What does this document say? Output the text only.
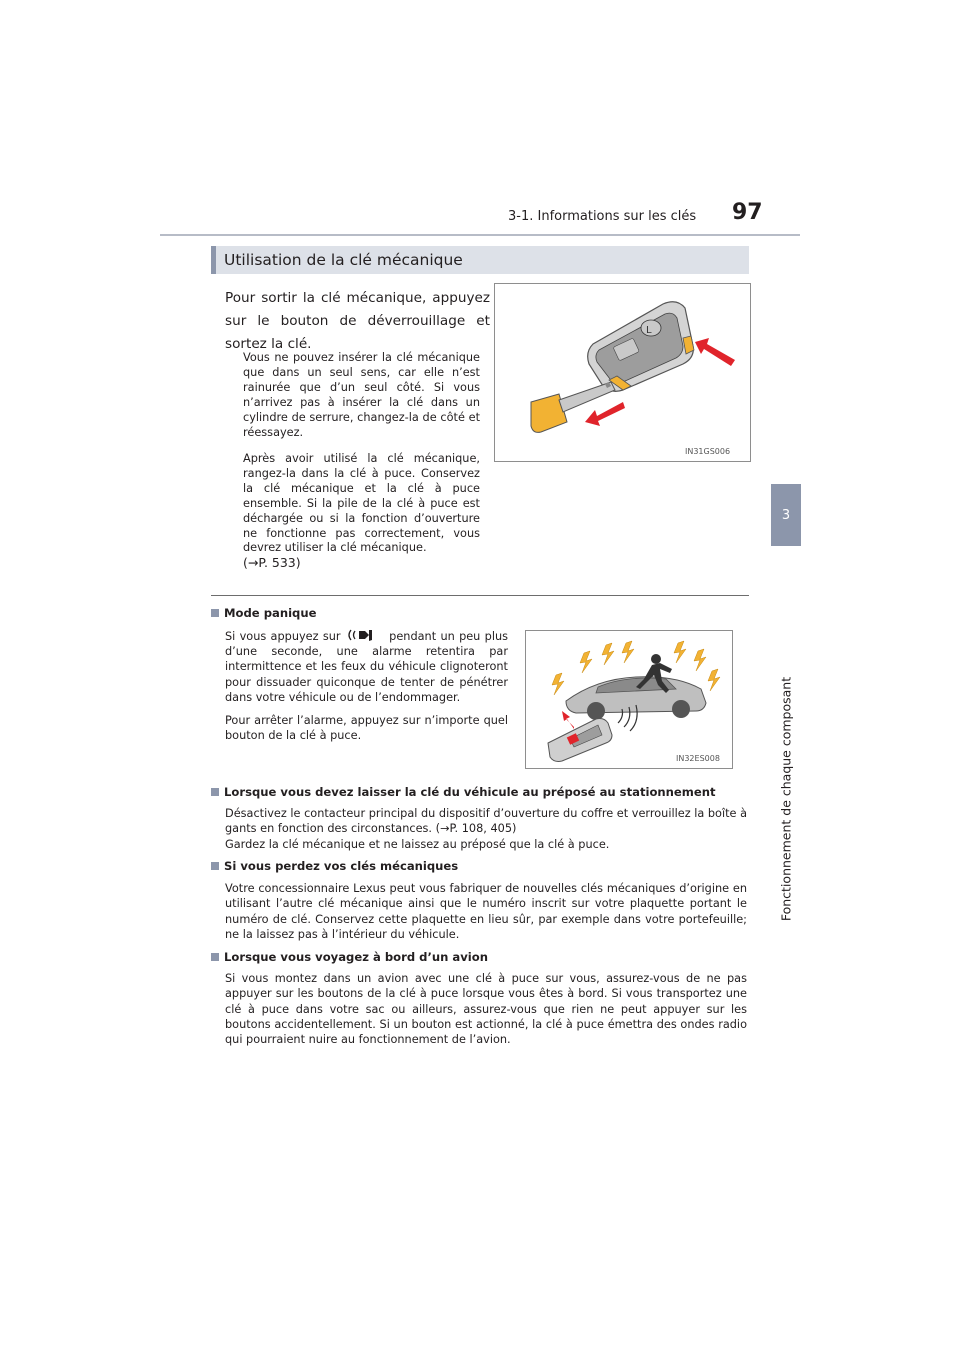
3-1. Informations sur les clés 97
3
Fonctionnement de chaque composant
Utilisation de la clé mécanique
Pour sortir la clé mécanique, appuyez sur le bouton de déverrouillage et sortez la clé.
Vous ne pouvez insérer la clé mécanique que dans un seul sens, car elle n’est rainurée que d’un seul côté. Si vous n’arrivez pas à insérer la clé dans un cylindre de serrure, changez-la de côté et réessayez.
Après avoir utilisé la clé mécanique, rangez-la dans la clé à puce. Conservez la clé mécanique et la clé à puce ensemble. Si la pile de la clé à puce est déchargée ou si la fonction d’ouverture ne fonctionne pas correctement, vous devrez utiliser la clé mécanique.
(→P. 533)
L
IN31GS006
Mode panique
Si vous appuyez sur	pendant un peu plus d’une seconde, une alarme retentira par intermittence et les feux du véhicule clignoteront pour dissuader quiconque de tenter de pénétrer dans votre véhicule ou de l’endommager.
Pour arrêter l’alarme, appuyez sur n’importe quel bouton de la clé à puce.
IN32ES008
Lorsque vous devez laisser la clé du véhicule au préposé au stationnement
Désactivez le contacteur principal du dispositif d’ouverture du coffre et verrouillez la boîte à gants en fonction des circonstances. (→P. 108, 405)
Gardez la clé mécanique et ne laissez au préposé que la clé à puce.
Si vous perdez vos clés mécaniques
Votre concessionnaire Lexus peut vous fabriquer de nouvelles clés mécaniques d’origine en utilisant l’autre clé mécanique ainsi que le numéro inscrit sur votre plaquette portant le numéro de clé. Conservez cette plaquette en lieu sûr, par exemple dans votre portefeuille; ne la laissez pas à l’intérieur du véhicule.
Lorsque vous voyagez à bord d’un avion
Si vous montez dans un avion avec une clé à puce sur vous, assurez-vous de ne pas appuyer sur les boutons de la clé à puce lorsque vous êtes à bord. Si vous transportez une clé à puce dans votre sac ou ailleurs, assurez-vous que rien ne peut appuyer sur les boutons accidentellement. Si un bouton est actionné, la clé à puce émettra des ondes radio qui pourraient nuire au fonctionnement de l’avion.
